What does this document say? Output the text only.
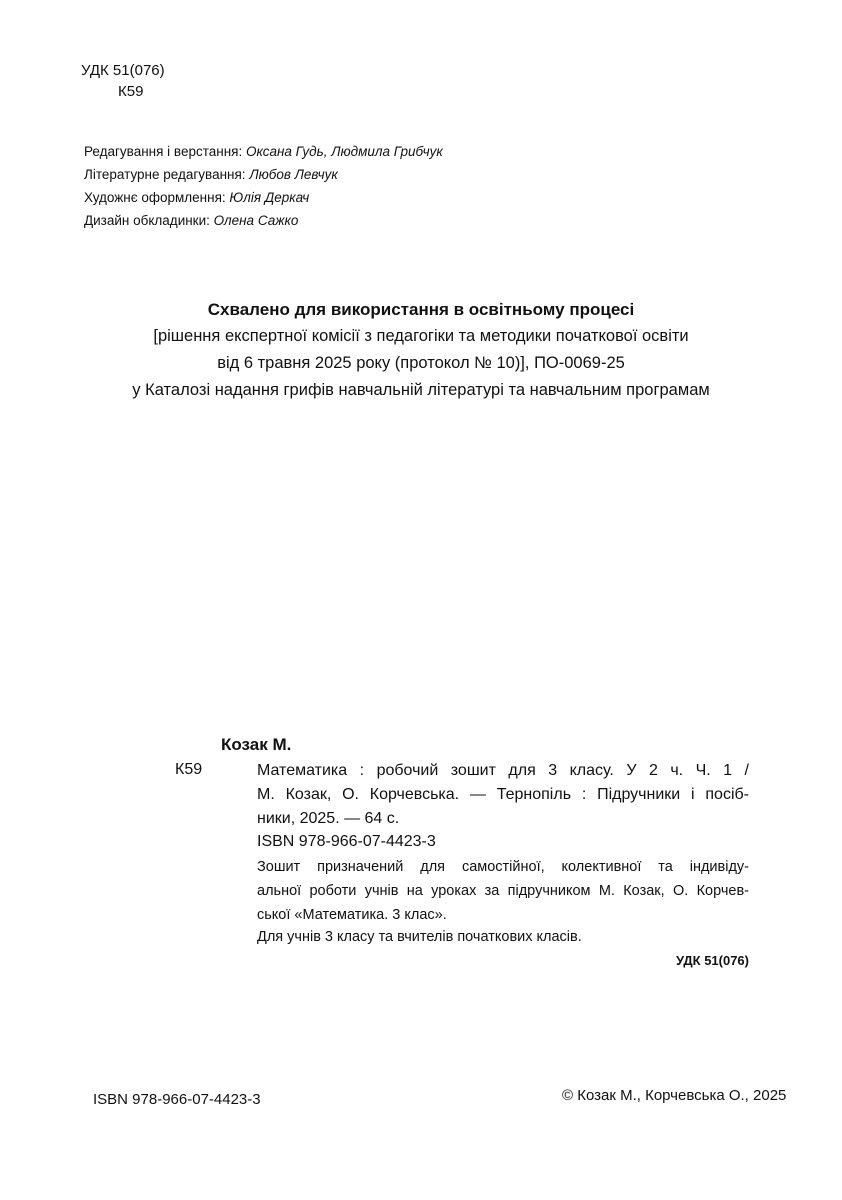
УДК 51(076)
К59
Редагування і верстання: Оксана Гудь, Людмила Грибчук
Літературне редагування: Любов Левчук
Художнє оформлення: Юлія Деркач
Дизайн обкладинки: Олена Сажко
Схвалено для використання в освітньому процесі
[рішення експертної комісії з педагогіки та методики початкової освіти
від 6 травня 2025 року (протокол № 10)], ПО-0069-25
у Каталозі надання грифів навчальній літературі та навчальним програмам
Козак М.
К59	Математика : робочий зошит для 3 класу. У 2 ч. Ч. 1 /
М. Козак, О. Корчевська. — Тернопіль : Підручники і посіб-
ники, 2025. — 64 с.
ISBN 978-966-07-4423-3
Зошит призначений для самостійної, колективної та індивіду-
альної роботи учнів на уроках за підручником М. Козак, О. Корчев-
ської «Математика. 3 клас».
Для учнів 3 класу та вчителів початкових класів.
УДК 51(076)
ISBN 978-966-07-4423-3	© Козак М., Корчевська О., 2025
